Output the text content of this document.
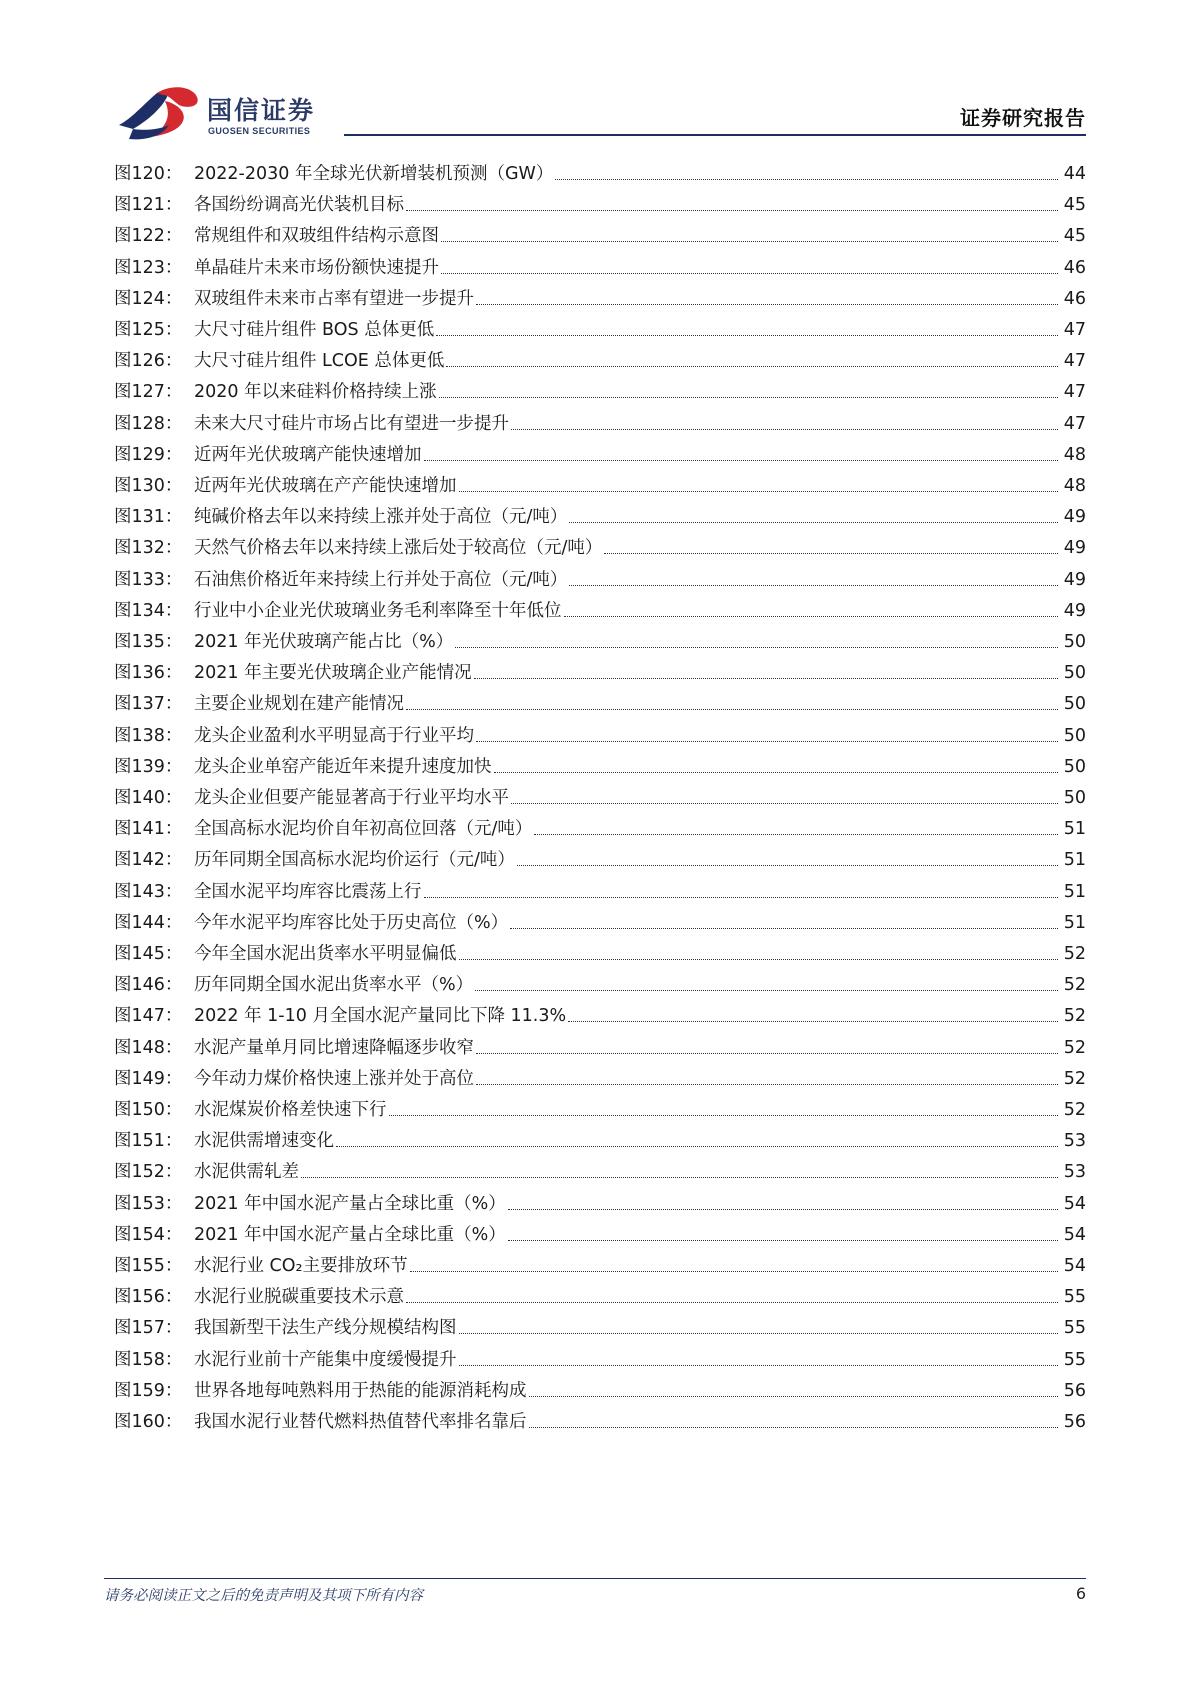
国信证券
GUOSEN SECURITIES
证券研究报告
图120： 2022-2030 年全球光伏新增装机预测（GW）	44
图121： 各国纷纷调高光伏装机目标	45
图122： 常规组件和双玻组件结构示意图	45
图123： 单晶硅片未来市场份额快速提升	46
图124： 双玻组件未来市占率有望进一步提升	46
图125： 大尺寸硅片组件 BOS 总体更低	47
图126： 大尺寸硅片组件 LCOE 总体更低	47
图127： 2020 年以来硅料价格持续上涨	47
图128： 未来大尺寸硅片市场占比有望进一步提升	47
图129： 近两年光伏玻璃产能快速增加	48
图130： 近两年光伏玻璃在产产能快速增加	48
图131： 纯碱价格去年以来持续上涨并处于高位（元/吨）	49
图132： 天然气价格去年以来持续上涨后处于较高位（元/吨）	49
图133： 石油焦价格近年来持续上行并处于高位（元/吨）	49
图134： 行业中小企业光伏玻璃业务毛利率降至十年低位	49
图135： 2021 年光伏玻璃产能占比（%）	50
图136： 2021 年主要光伏玻璃企业产能情况	50
图137： 主要企业规划在建产能情况	50
图138： 龙头企业盈利水平明显高于行业平均	50
图139： 龙头企业单窑产能近年来提升速度加快	50
图140： 龙头企业但要产能显著高于行业平均水平	50
图141： 全国高标水泥均价自年初高位回落（元/吨）	51
图142： 历年同期全国高标水泥均价运行（元/吨）	51
图143： 全国水泥平均库容比震荡上行	51
图144： 今年水泥平均库容比处于历史高位（%）	51
图145： 今年全国水泥出货率水平明显偏低	52
图146： 历年同期全国水泥出货率水平（%）	52
图147： 2022 年 1-10 月全国水泥产量同比下降 11.3%	52
图148： 水泥产量单月同比增速降幅逐步收窄	52
图149： 今年动力煤价格快速上涨并处于高位	52
图150： 水泥煤炭价格差快速下行	52
图151： 水泥供需增速变化	53
图152： 水泥供需轧差	53
图153： 2021 年中国水泥产量占全球比重（%）	54
图154： 2021 年中国水泥产量占全球比重（%）	54
图155： 水泥行业 CO₂主要排放环节	54
图156： 水泥行业脱碳重要技术示意	55
图157： 我国新型干法生产线分规模结构图	55
图158： 水泥行业前十产能集中度缓慢提升	55
图159： 世界各地每吨熟料用于热能的能源消耗构成	56
图160： 我国水泥行业替代燃料热值替代率排名靠后	56
请务必阅读正文之后的免责声明及其项下所有内容	6
